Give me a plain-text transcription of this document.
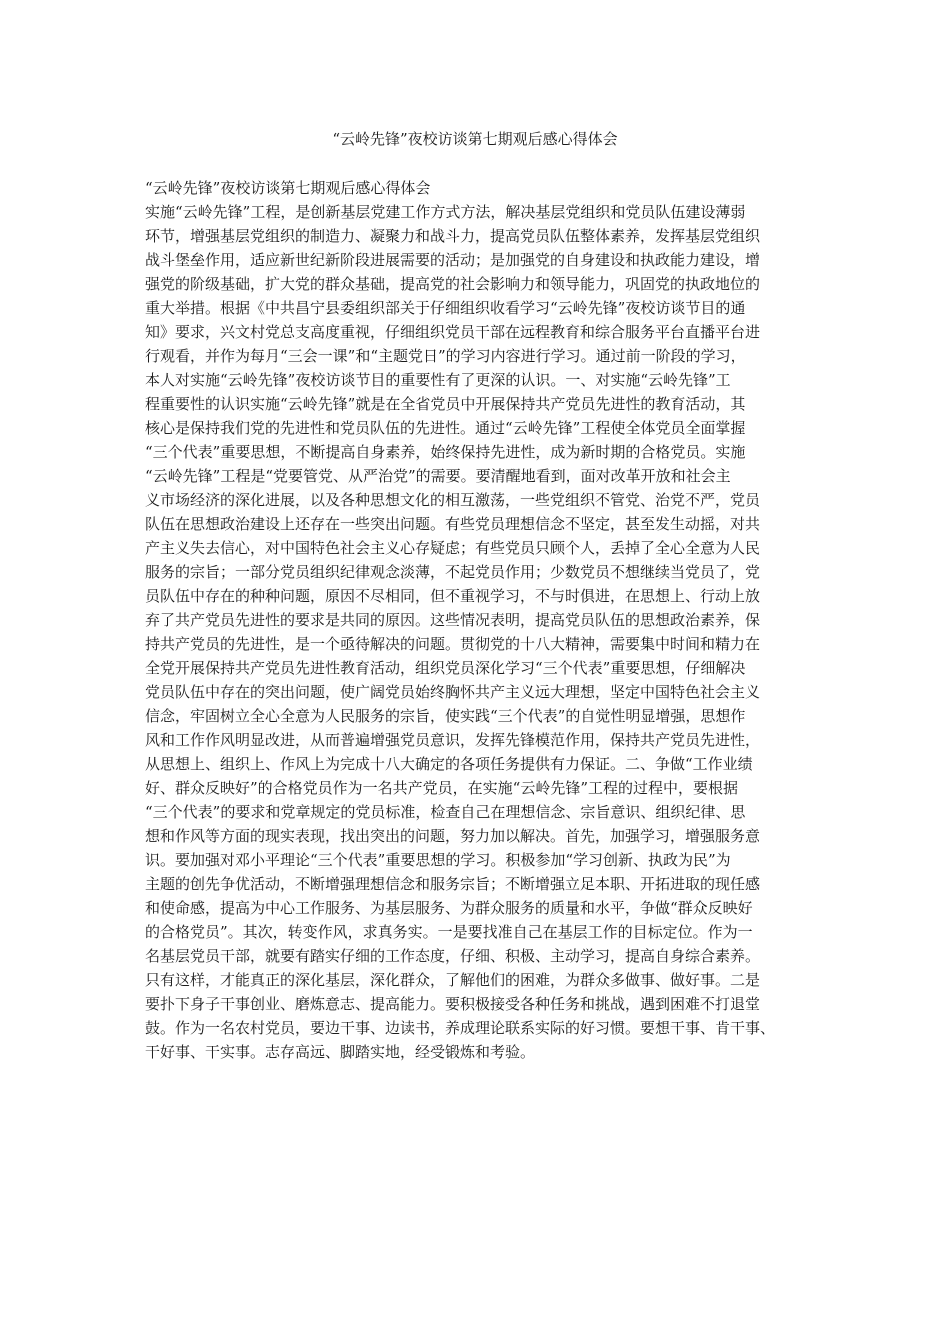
“云岭先锋”夜校访谈第七期观后感心得体会

“云岭先锋”夜校访谈第七期观后感心得体会

实施“云岭先锋”工程，是创新基层党建工作方式方法，解决基层党组织和党员队伍建设薄弱

环节，增强基层党组织的制造力、凝聚力和战斗力，提高党员队伍整体素养，发挥基层党组织

战斗堡垒作用，适应新世纪新阶段进展需要的活动；是加强党的自身建设和执政能力建设，增

强党的阶级基础，扩大党的群众基础，提高党的社会影响力和领导能力，巩固党的执政地位的

重大举措。根据《中共昌宁县委组织部关于仔细组织收看学习“云岭先锋”夜校访谈节目的通

知》要求，兴文村党总支高度重视，仔细组织党员干部在远程教育和综合服务平台直播平台进

行观看，并作为每月“三会一课”和“主题党日”的学习内容进行学习。通过前一阶段的学习，

本人对实施“云岭先锋”夜校访谈节目的重要性有了更深的认识。一、对实施“云岭先锋”工

程重要性的认识实施“云岭先锋”就是在全省党员中开展保持共产党员先进性的教育活动，其

核心是保持我们党的先进性和党员队伍的先进性。通过“云岭先锋”工程使全体党员全面掌握

“三个代表”重要思想，不断提高自身素养，始终保持先进性，成为新时期的合格党员。实施

“云岭先锋”工程是“党要管党、从严治党”的需要。要清醒地看到，面对改革开放和社会主

义市场经济的深化进展，以及各种思想文化的相互激荡，一些党组织不管党、治党不严，党员

队伍在思想政治建设上还存在一些突出问题。有些党员理想信念不坚定，甚至发生动摇，对共

产主义失去信心，对中国特色社会主义心存疑虑；有些党员只顾个人，丢掉了全心全意为人民

服务的宗旨；一部分党员组织纪律观念淡薄，不起党员作用；少数党员不想继续当党员了，党

员队伍中存在的种种问题，原因不尽相同，但不重视学习，不与时俱进，在思想上、行动上放

弃了共产党员先进性的要求是共同的原因。这些情况表明，提高党员队伍的思想政治素养，保

持共产党员的先进性，是一个亟待解决的问题。贯彻党的十八大精神，需要集中时间和精力在

全党开展保持共产党员先进性教育活动，组织党员深化学习“三个代表”重要思想，仔细解决

党员队伍中存在的突出问题，使广阔党员始终胸怀共产主义远大理想，坚定中国特色社会主义

信念，牢固树立全心全意为人民服务的宗旨，使实践“三个代表”的自觉性明显增强，思想作

风和工作作风明显改进，从而普遍增强党员意识，发挥先锋模范作用，保持共产党员先进性，

从思想上、组织上、作风上为完成十八大确定的各项任务提供有力保证。二、争做“工作业绩

好、群众反映好”的合格党员作为一名共产党员，在实施“云岭先锋”工程的过程中，要根据

“三个代表”的要求和党章规定的党员标准，检查自己在理想信念、宗旨意识、组织纪律、思

想和作风等方面的现实表现，找出突出的问题，努力加以解决。首先，加强学习，增强服务意

识。要加强对邓小平理论“三个代表”重要思想的学习。积极参加“学习创新、执政为民”为

主题的创先争优活动，不断增强理想信念和服务宗旨；不断增强立足本职、开拓进取的现任感

和使命感，提高为中心工作服务、为基层服务、为群众服务的质量和水平，争做“群众反映好

的合格党员”。其次，转变作风，求真务实。一是要找准自己在基层工作的目标定位。作为一

名基层党员干部，就要有踏实仔细的工作态度，仔细、积极、主动学习，提高自身综合素养。

只有这样，才能真正的深化基层，深化群众，了解他们的困难，为群众多做事、做好事。二是

要扑下身子干事创业、磨炼意志、提高能力。要积极接受各种任务和挑战，遇到困难不打退堂

鼓。作为一名农村党员，要边干事、边读书，养成理论联系实际的好习惯。要想干事、肯干事、

干好事、干实事。志存高远、脚踏实地，经受锻炼和考验。
